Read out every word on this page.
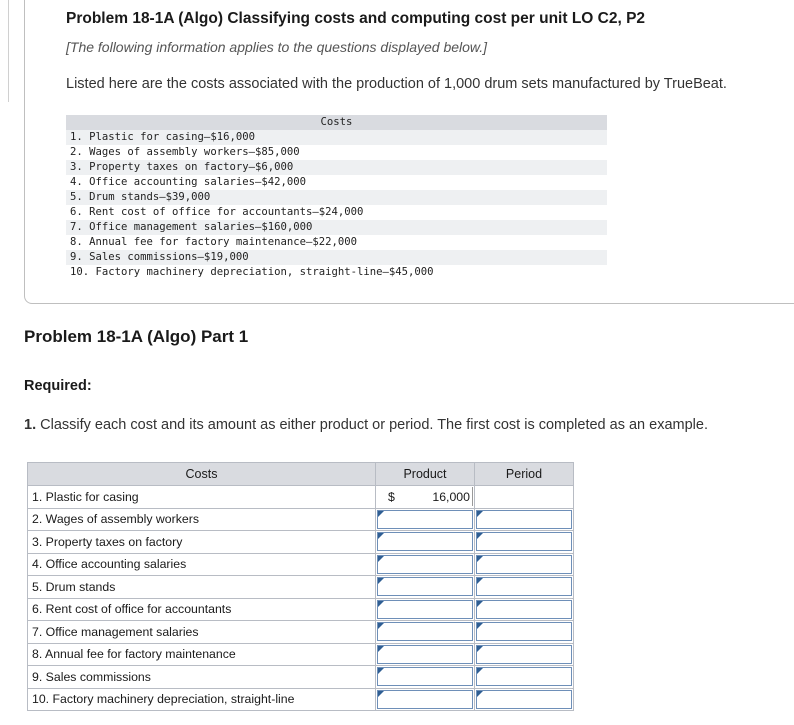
Problem 18-1A (Algo) Classifying costs and computing cost per unit LO C2, P2
[The following information applies to the questions displayed below.]
Listed here are the costs associated with the production of 1,000 drum sets manufactured by TrueBeat.
Costs
1. Plastic for casing–$16,000
2. Wages of assembly workers–$85,000
3. Property taxes on factory–$6,000
4. Office accounting salaries–$42,000
5. Drum stands–$39,000
6. Rent cost of office for accountants–$24,000
7. Office management salaries–$160,000
8. Annual fee for factory maintenance–$22,000
9. Sales commissions–$19,000
10. Factory machinery depreciation, straight-line–$45,000
Problem 18-1A (Algo) Part 1
Required:
1. Classify each cost and its amount as either product or period. The first cost is completed as an example.
Costs	Product	Period
1. Plastic for casing	$ 16,000	

2. Wages of assembly workers	

3. Property taxes on factory	

4. Office accounting salaries	

5. Drum stands	

6. Rent cost of office for accountants	

7. Office management salaries	

8. Annual fee for factory maintenance	

9. Sales commissions	

10. Factory machinery depreciation, straight-line	
